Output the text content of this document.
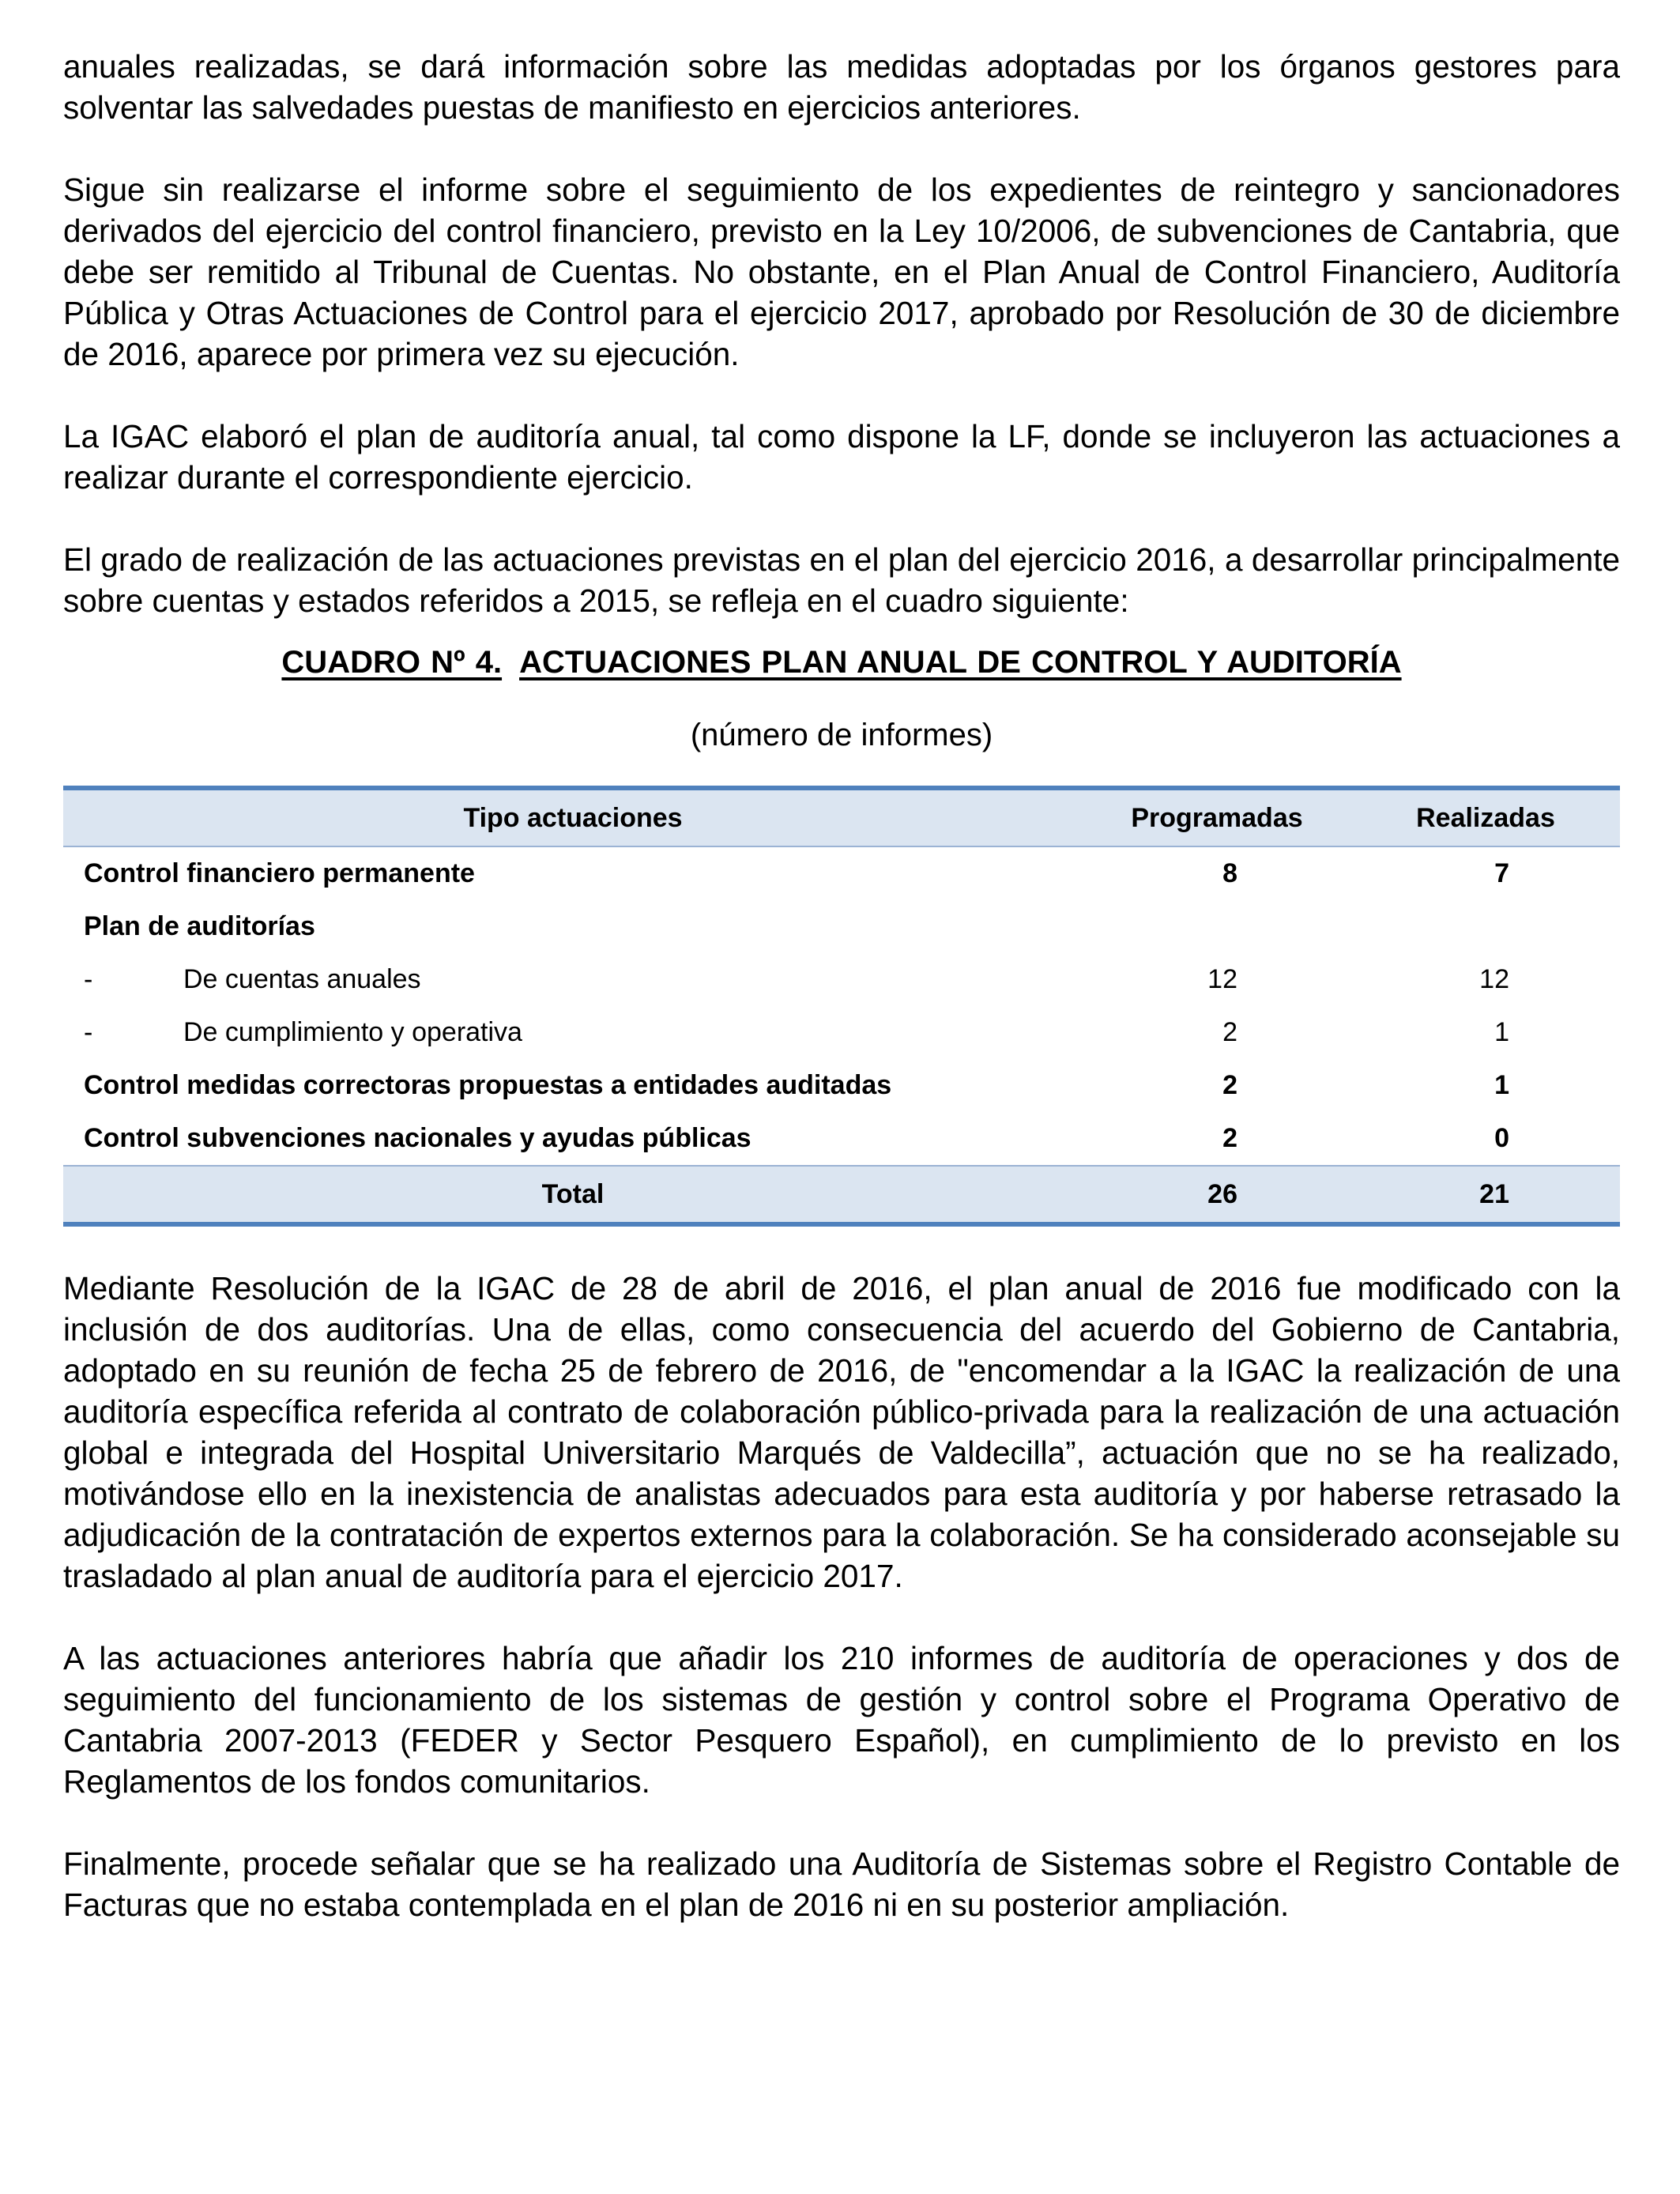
anuales realizadas, se dará información sobre las medidas adoptadas por los órganos gestores para solventar las salvedades puestas de manifiesto en ejercicios anteriores.

Sigue sin realizarse el informe sobre el seguimiento de los expedientes de reintegro y sancionadores derivados del ejercicio del control financiero, previsto en la Ley 10/2006, de subvenciones de Cantabria, que debe ser remitido al Tribunal de Cuentas. No obstante, en el Plan Anual de Control Financiero, Auditoría Pública y Otras Actuaciones de Control para el ejercicio 2017, aprobado por Resolución de 30 de diciembre de 2016, aparece por primera vez su ejecución.

La IGAC elaboró el plan de auditoría anual, tal como dispone la LF, donde se incluyeron las actuaciones a realizar durante el correspondiente ejercicio.

El grado de realización de las actuaciones previstas en el plan del ejercicio 2016, a desarrollar principalmente sobre cuentas y estados referidos a 2015, se refleja en el cuadro siguiente:

CUADRO Nº 4. ACTUACIONES PLAN ANUAL DE CONTROL Y AUDITORÍA
(número de informes)
Tipo actuaciones	Programadas	Realizadas
Control financiero permanente	8	7
Plan de auditorías		

- De cuentas anuales	12	12

- De cumplimiento y operativa	2	1
Control medidas correctoras propuestas a entidades auditadas	2	1
Control subvenciones nacionales y ayudas públicas	2	0
Total	26	21

Mediante Resolución de la IGAC de 28 de abril de 2016, el plan anual de 2016 fue modificado con la inclusión de dos auditorías. Una de ellas, como consecuencia del acuerdo del Gobierno de Cantabria, adoptado en su reunión de fecha 25 de febrero de 2016, de "encomendar a la IGAC la realización de una auditoría específica referida al contrato de colaboración público-privada para la realización de una actuación global e integrada del Hospital Universitario Marqués de Valdecilla”, actuación que no se ha realizado, motivándose ello en la inexistencia de analistas adecuados para esta auditoría y por haberse retrasado la adjudicación de la contratación de expertos externos para la colaboración. Se ha considerado aconsejable su trasladado al plan anual de auditoría para el ejercicio 2017.

A las actuaciones anteriores habría que añadir los 210 informes de auditoría de operaciones y dos de seguimiento del funcionamiento de los sistemas de gestión y control sobre el Programa Operativo de Cantabria 2007-2013 (FEDER y Sector Pesquero Español), en cumplimiento de lo previsto en los Reglamentos de los fondos comunitarios.

Finalmente, procede señalar que se ha realizado una Auditoría de Sistemas sobre el Registro Contable de Facturas que no estaba contemplada en el plan de 2016 ni en su posterior ampliación.
